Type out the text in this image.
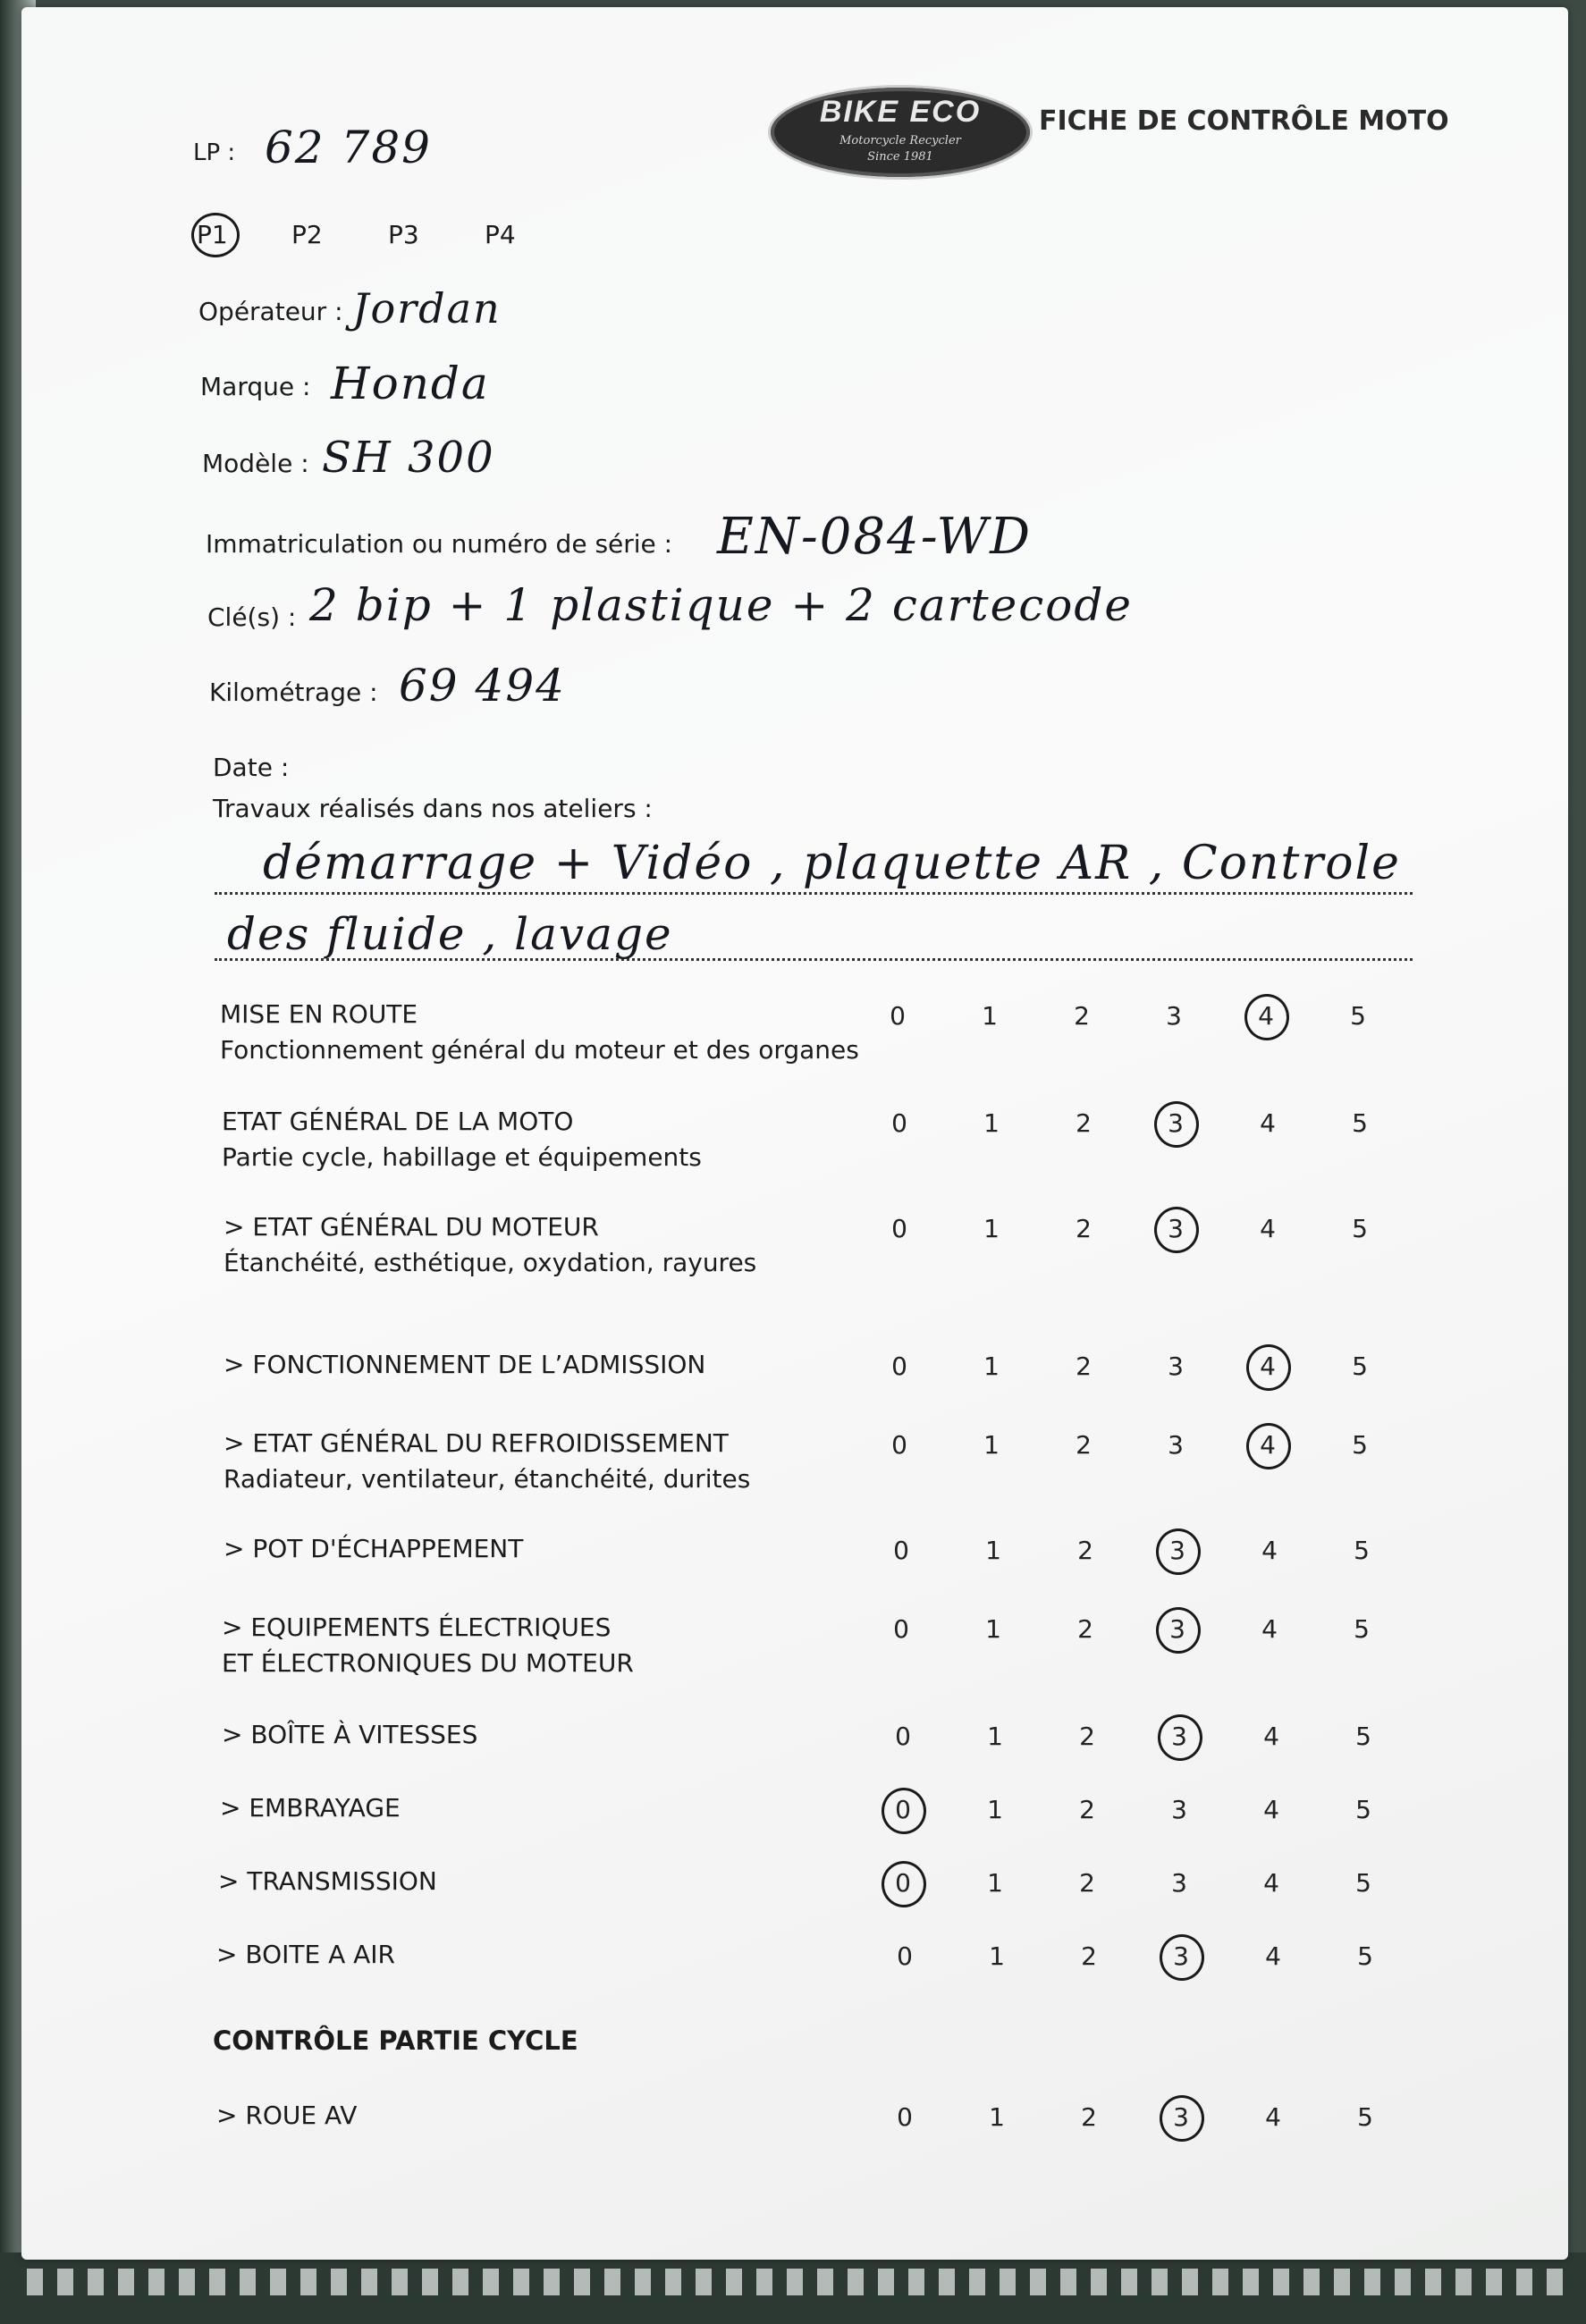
BIKE ECO
Motorcycle Recycler
Since 1981
FICHE DE CONTRÔLE MOTO
LP : 62 789
P1	P2	P3	P4
Opérateur : Jordan
Marque : Honda
Modèle : SH 300
Immatriculation ou numéro de série : EN-084-WD
Clé(s) : 2 bip + 1 plastique + 2 cartecode
Kilométrage : 69 494
Date :
Travaux réalisés dans nos ateliers :
démarrage + Vidéo , plaquette AR , Controle
des fluide , lavage
MISE EN ROUTE
Fonctionnement général du moteur et des organes
0	1	2	3	4	5
ETAT GÉNÉRAL DE LA MOTO
Partie cycle, habillage et équipements
0	1	2	3	4	5
> ETAT GÉNÉRAL DU MOTEUR
Étanchéité, esthétique, oxydation, rayures
0	1	2	3	4	5
> FONCTIONNEMENT DE L’ADMISSION	0	1	2	3	4	5
> ETAT GÉNÉRAL DU REFROIDISSEMENT
Radiateur, ventilateur, étanchéité, durites
0	1	2	3	4	5
> POT D'ÉCHAPPEMENT	0	1	2	3	4	5
> EQUIPEMENTS ÉLECTRIQUES
ET ÉLECTRONIQUES DU MOTEUR
0	1	2	3	4	5
> BOÎTE À VITESSES	0	1	2	3	4	5
> EMBRAYAGE	0	1	2	3	4	5
> TRANSMISSION	0	1	2	3	4	5
> BOITE A AIR	0	1	2	3	4	5
CONTRÔLE PARTIE CYCLE
> ROUE AV	0	1	2	3	4	5
